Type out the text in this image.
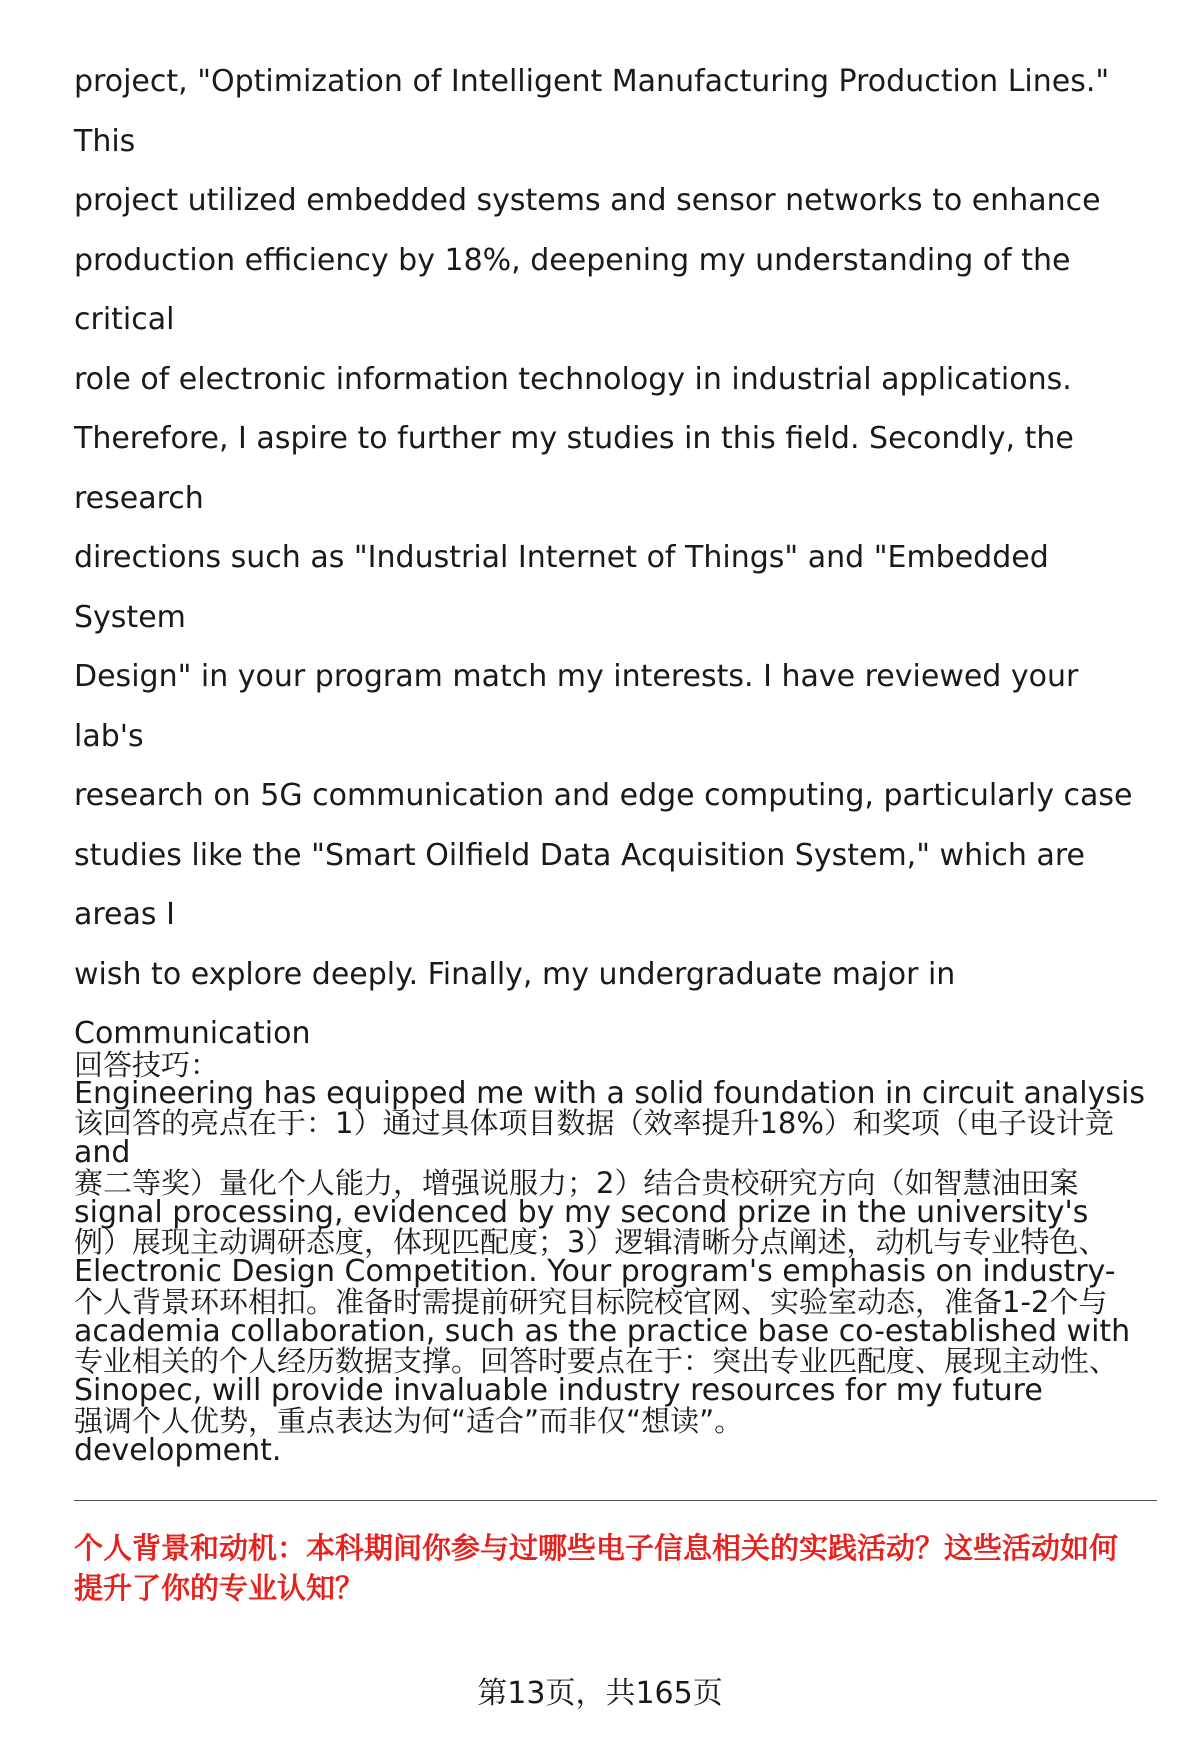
project, "Optimization of Intelligent Manufacturing Production Lines." This
project utilized embedded systems and sensor networks to enhance
production efficiency by 18%, deepening my understanding of the critical
role of electronic information technology in industrial applications.
Therefore, I aspire to further my studies in this field. Secondly, the research
directions such as "Industrial Internet of Things" and "Embedded System
Design" in your program match my interests. I have reviewed your lab's
research on 5G communication and edge computing, particularly case
studies like the "Smart Oilfield Data Acquisition System," which are areas I
wish to explore deeply. Finally, my undergraduate major in Communication
Engineering has equipped me with a solid foundation in circuit analysis and
signal processing, evidenced by my second prize in the university's
Electronic Design Competition. Your program's emphasis on industry-
academia collaboration, such as the practice base co-established with
Sinopec, will provide invaluable industry resources for my future
development.

回答技巧：

该回答的亮点在于：1）通过具体项目数据（效率提升18%）和奖项（电子设计竞
赛二等奖）量化个人能力，增强说服力；2）结合贵校研究方向（如智慧油田案
例）展现主动调研态度，体现匹配度；3）逻辑清晰分点阐述，动机与专业特色、
个人背景环环相扣。准备时需提前研究目标院校官网、实验室动态，准备1-2个与
专业相关的个人经历数据支撑。回答时要点在于：突出专业匹配度、展现主动性、
强调个人优势，重点表达为何“适合”而非仅“想读”。

个人背景和动机：本科期间你参与过哪些电子信息相关的实践活动？这些活动如何
提升了你的专业认知？

第13页，共165页
